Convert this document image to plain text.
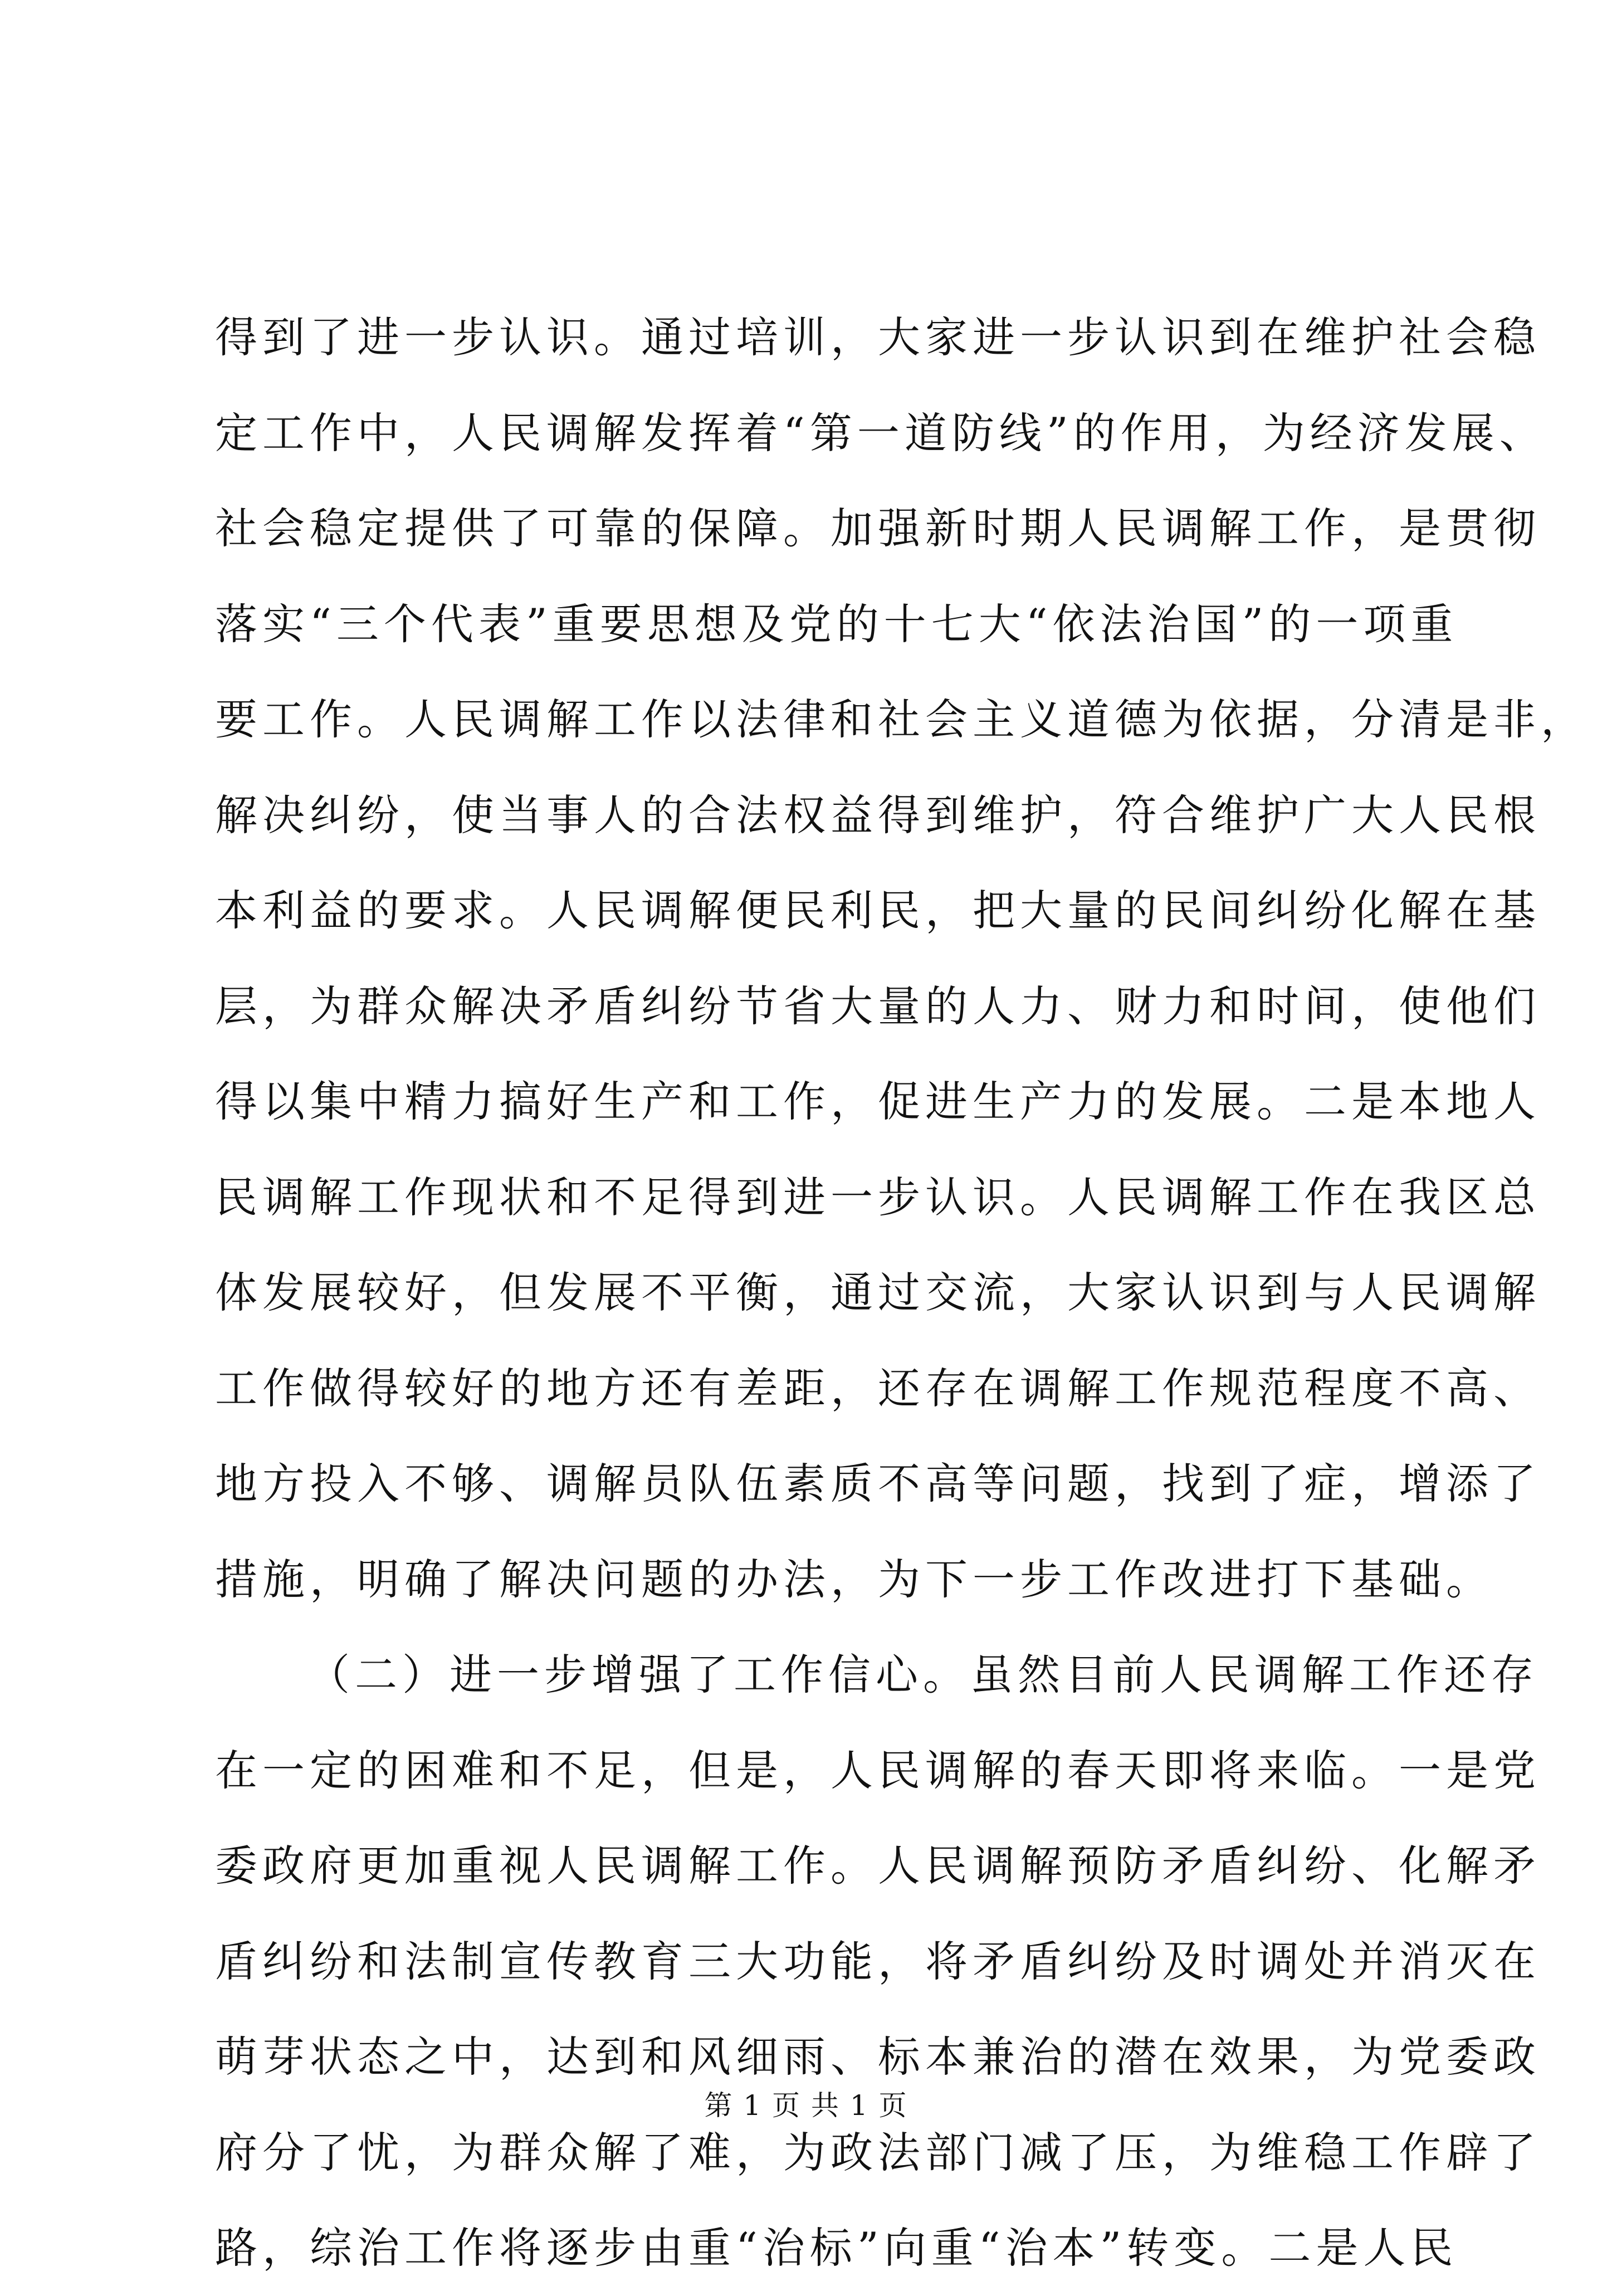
得到了进一步认识。通过培训，大家进一步认识到在维护社会稳
定工作中，人民调解发挥着“第一道防线”的作用，为经济发展、
社会稳定提供了可靠的保障。加强新时期人民调解工作，是贯彻
落实“三个代表”重要思想及党的十七大“依法治国”的一项重
要工作。人民调解工作以法律和社会主义道德为依据，分清是非，
解决纠纷，使当事人的合法权益得到维护，符合维护广大人民根
本利益的要求。人民调解便民利民，把大量的民间纠纷化解在基
层，为群众解决矛盾纠纷节省大量的人力、财力和时间，使他们
得以集中精力搞好生产和工作，促进生产力的发展。二是本地人
民调解工作现状和不足得到进一步认识。人民调解工作在我区总
体发展较好，但发展不平衡，通过交流，大家认识到与人民调解
工作做得较好的地方还有差距，还存在调解工作规范程度不高、
地方投入不够、调解员队伍素质不高等问题，找到了症，增添了
措施，明确了解决问题的办法，为下一步工作改进打下基础。
（二）进一步增强了工作信心。虽然目前人民调解工作还存
在一定的困难和不足，但是，人民调解的春天即将来临。一是党
委政府更加重视人民调解工作。人民调解预防矛盾纠纷、化解矛
盾纠纷和法制宣传教育三大功能，将矛盾纠纷及时调处并消灭在
萌芽状态之中，达到和风细雨、标本兼治的潜在效果，为党委政
府分了忧，为群众解了难，为政法部门减了压，为维稳工作辟了
路，综治工作将逐步由重“治标”向重“治本”转变。二是人民
第 1 页 共 1 页
